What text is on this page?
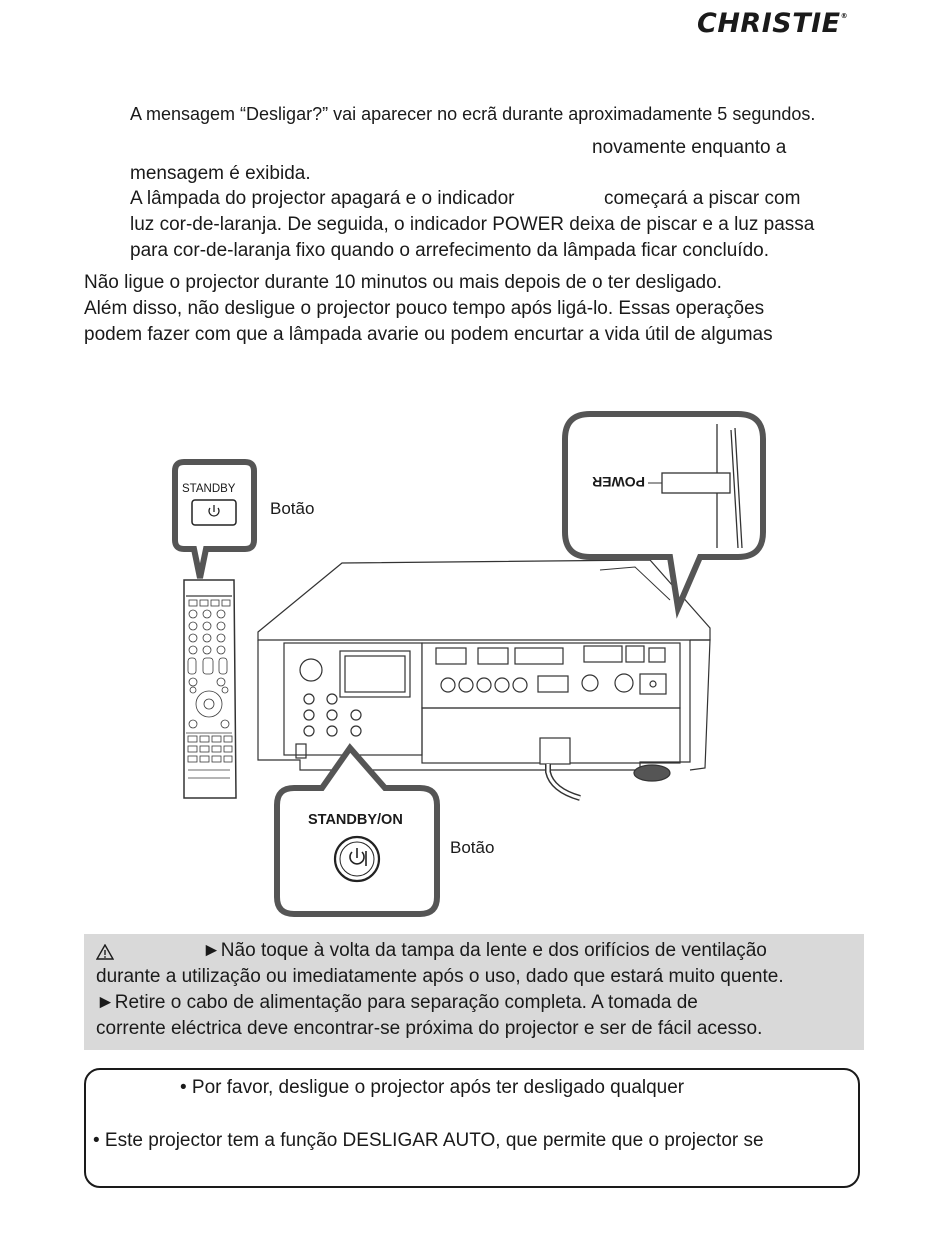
CHRISTIE®
A mensagem “Desligar?” vai aparecer no ecrã durante aproximadamente 5 segundos.
novamente enquanto a
mensagem é exibida.
A lâmpada do projector apagará e o indicador	começará a piscar com
luz cor-de-laranja. De seguida, o indicador POWER deixa de piscar e a luz passa
para cor-de-laranja fixo quando o arrefecimento da lâmpada ficar concluído.
Não ligue o projector durante 10 minutos ou mais depois de o ter desligado.
Além disso, não desligue o projector pouco tempo após ligá-lo. Essas operações
podem fazer com que a lâmpada avarie ou podem encurtar a vida útil de algumas
STANDBY
Botão
POWER
STANDBY/ON
Botão
►Não toque à volta da tampa da lente e dos orifícios de ventilação
durante a utilização ou imediatamente após o uso, dado que estará muito quente.
►Retire o cabo de alimentação para separação completa. A tomada de
corrente eléctrica deve encontrar-se próxima do projector e ser de fácil acesso.
• Por favor, desligue o projector após ter desligado qualquer
• Este projector tem a função DESLIGAR AUTO, que permite que o projector se
